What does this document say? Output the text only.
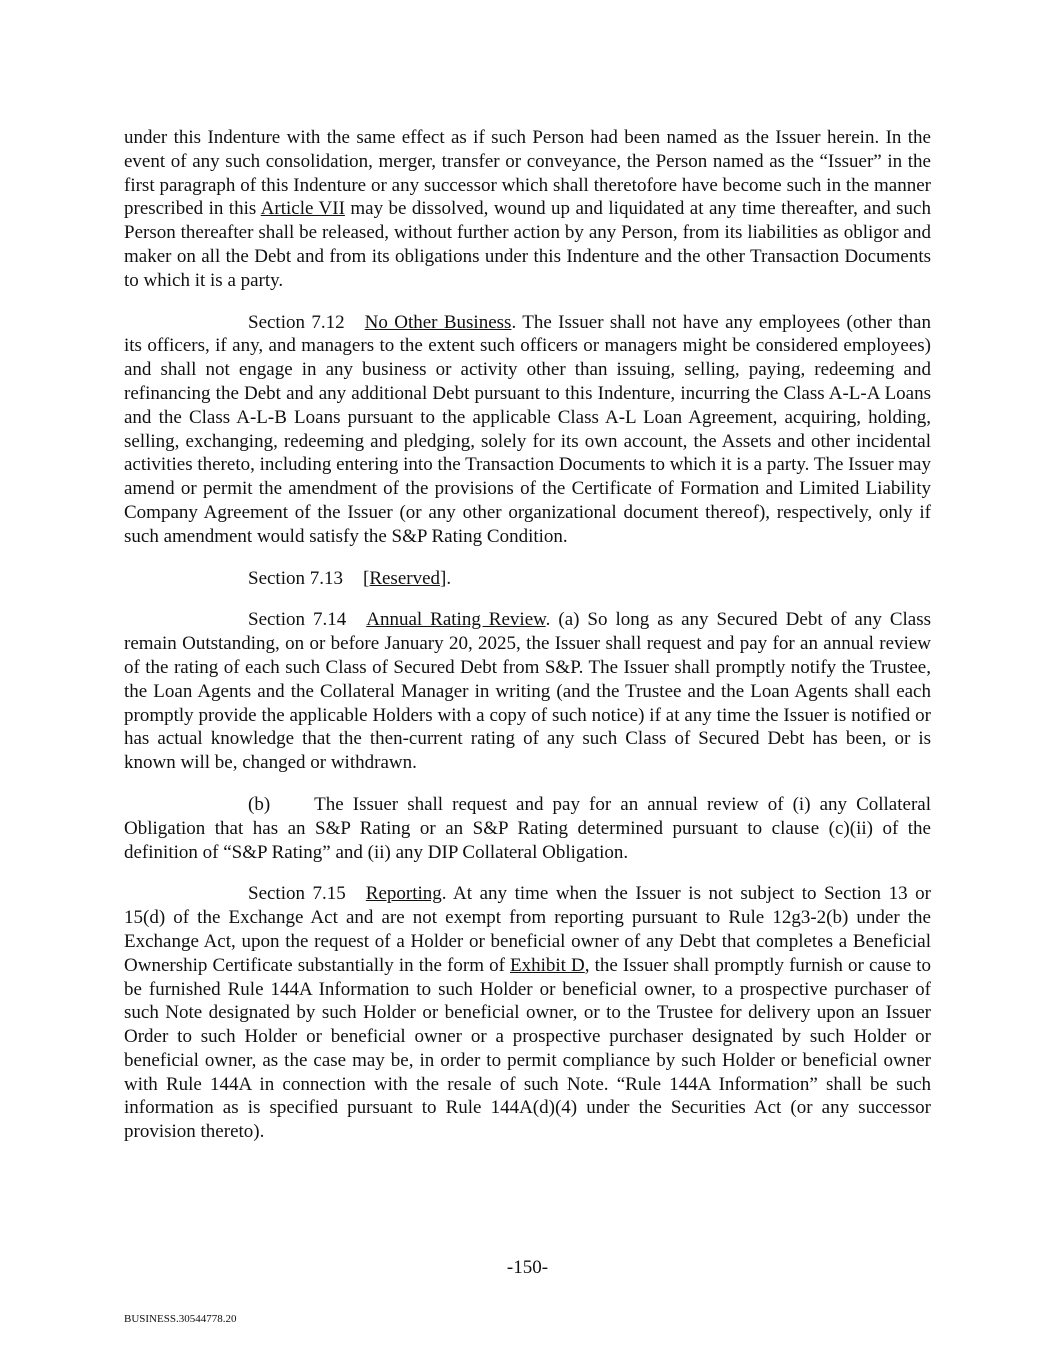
under this Indenture with the same effect as if such Person had been named as the Issuer herein. In the event of any such consolidation, merger, transfer or conveyance, the Person named as the “Issuer” in the first paragraph of this Indenture or any successor which shall theretofore have become such in the manner prescribed in this Article VII may be dissolved, wound up and liquidated at any time thereafter, and such Person thereafter shall be released, without further action by any Person, from its liabilities as obligor and maker on all the Debt and from its obligations under this Indenture and the other Transaction Documents to which it is a party.

Section 7.12 No Other Business. The Issuer shall not have any employees (other than its officers, if any, and managers to the extent such officers or managers might be considered employees) and shall not engage in any business or activity other than issuing, selling, paying, redeeming and refinancing the Debt and any additional Debt pursuant to this Indenture, incurring the Class A-L-A Loans and the Class A-L-B Loans pursuant to the applicable Class A-L Loan Agreement, acquiring, holding, selling, exchanging, redeeming and pledging, solely for its own account, the Assets and other incidental activities thereto, including entering into the Transaction Documents to which it is a party. The Issuer may amend or permit the amendment of the provisions of the Certificate of Formation and Limited Liability Company Agreement of the Issuer (or any other organizational document thereof), respectively, only if such amendment would satisfy the S&P Rating Condition.

Section 7.13 [Reserved].

Section 7.14 Annual Rating Review. (a) So long as any Secured Debt of any Class remain Outstanding, on or before January 20, 2025, the Issuer shall request and pay for an annual review of the rating of each such Class of Secured Debt from S&P. The Issuer shall promptly notify the Trustee, the Loan Agents and the Collateral Manager in writing (and the Trustee and the Loan Agents shall each promptly provide the applicable Holders with a copy of such notice) if at any time the Issuer is notified or has actual knowledge that the then-current rating of any such Class of Secured Debt has been, or is known will be, changed or withdrawn.

(b) The Issuer shall request and pay for an annual review of (i) any Collateral Obligation that has an S&P Rating or an S&P Rating determined pursuant to clause (c)(ii) of the definition of “S&P Rating” and (ii) any DIP Collateral Obligation.

Section 7.15 Reporting. At any time when the Issuer is not subject to Section 13 or 15(d) of the Exchange Act and are not exempt from reporting pursuant to Rule 12g3-2(b) under the Exchange Act, upon the request of a Holder or beneficial owner of any Debt that completes a Beneficial Ownership Certificate substantially in the form of Exhibit D, the Issuer shall promptly furnish or cause to be furnished Rule 144A Information to such Holder or beneficial owner, to a prospective purchaser of such Note designated by such Holder or beneficial owner, or to the Trustee for delivery upon an Issuer Order to such Holder or beneficial owner or a prospective purchaser designated by such Holder or beneficial owner, as the case may be, in order to permit compliance by such Holder or beneficial owner with Rule 144A in connection with the resale of such Note. “Rule 144A Information” shall be such information as is specified pursuant to Rule 144A(d)(4) under the Securities Act (or any successor provision thereto).

-150-
BUSINESS.30544778.20
